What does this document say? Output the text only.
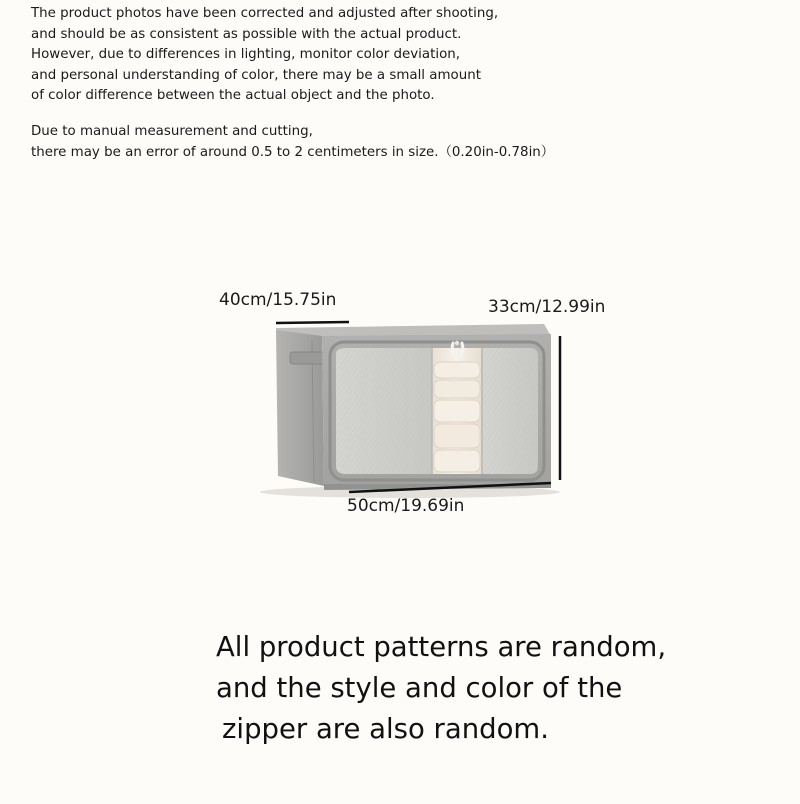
The product photos have been corrected and adjusted after shooting,
and should be as consistent as possible with the actual product.
However, due to differences in lighting, monitor color deviation,
and personal understanding of color, there may be a small amount
of color difference between the actual object and the photo.

Due to manual measurement and cutting,
there may be an error of around 0.5 to 2 centimeters in size.（0.20in-0.78in）

40cm/15.75in	33cm/12.99in
50cm/19.69in
All product patterns are random,
and the style and color of the
zipper are also random.
